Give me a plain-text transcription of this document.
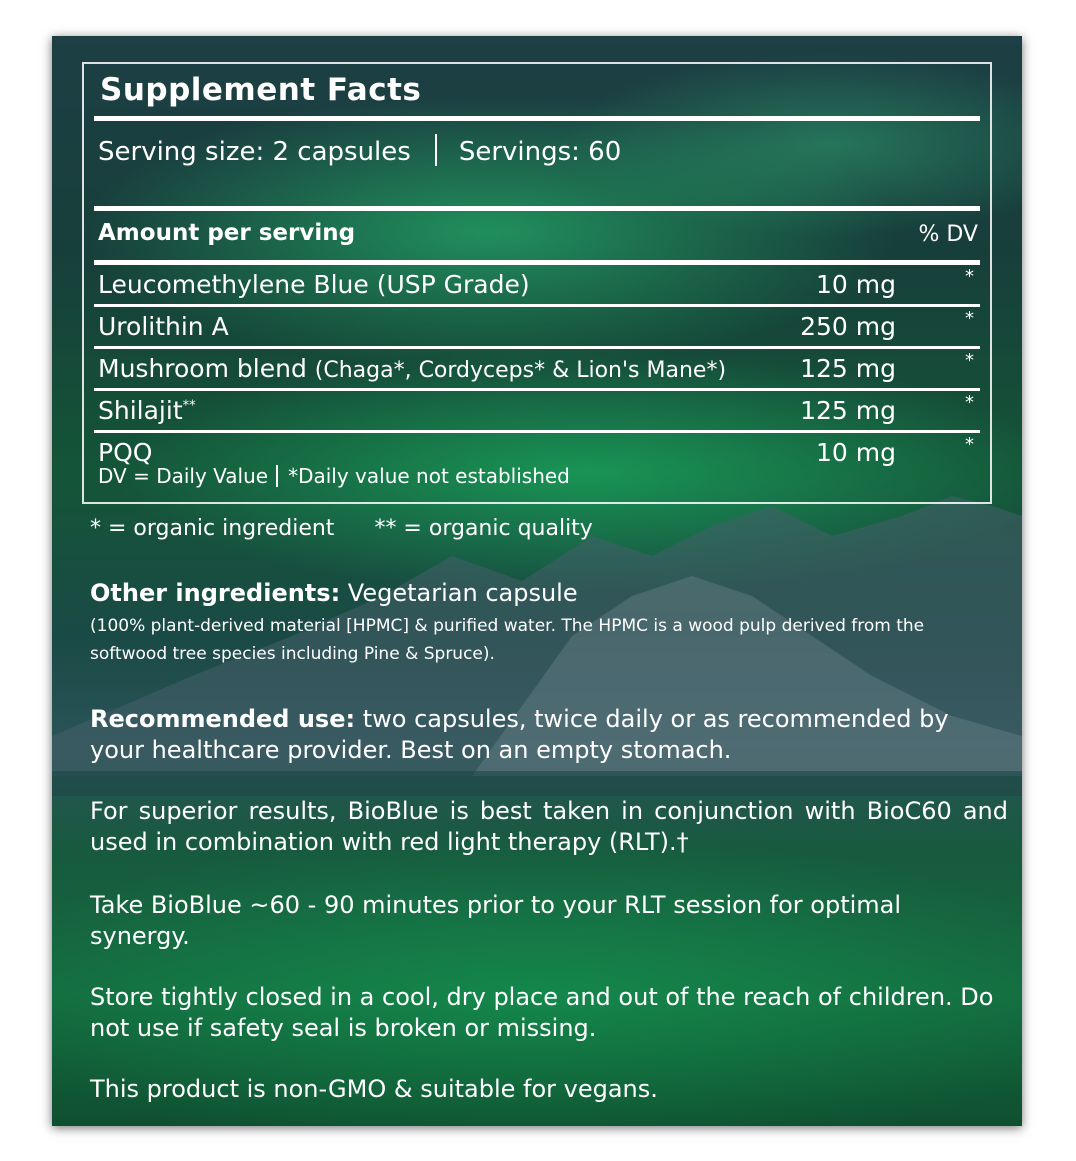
Supplement Facts
Serving size: 2 capsules Servings: 60
Amount per serving	% DV
Leucomethylene Blue (USP Grade)	10 mg	*
Urolithin A	250 mg	*
Mushroom blend (Chaga*, Cordyceps* & Lion's Mane*)	125 mg	*
Shilajit**	125 mg	*
PQQ	10 mg	*
DV = Daily Value *Daily value not established
* = organic ingredient ** = organic quality
Other ingredients: Vegetarian capsule
(100% plant-derived material [HPMC] & purified water. The HPMC is a wood pulp derived from the softwood tree species including Pine & Spruce).
Recommended use: two capsules, twice daily or as recommended by your healthcare provider. Best on an empty stomach.
For superior results, BioBlue is best taken in conjunction with BioC60 and used in combination with red light therapy (RLT).†
Take BioBlue ~60 - 90 minutes prior to your RLT session for optimal synergy.
Store tightly closed in a cool, dry place and out of the reach of children. Do not use if safety seal is broken or missing.
This product is non-GMO & suitable for vegans.
